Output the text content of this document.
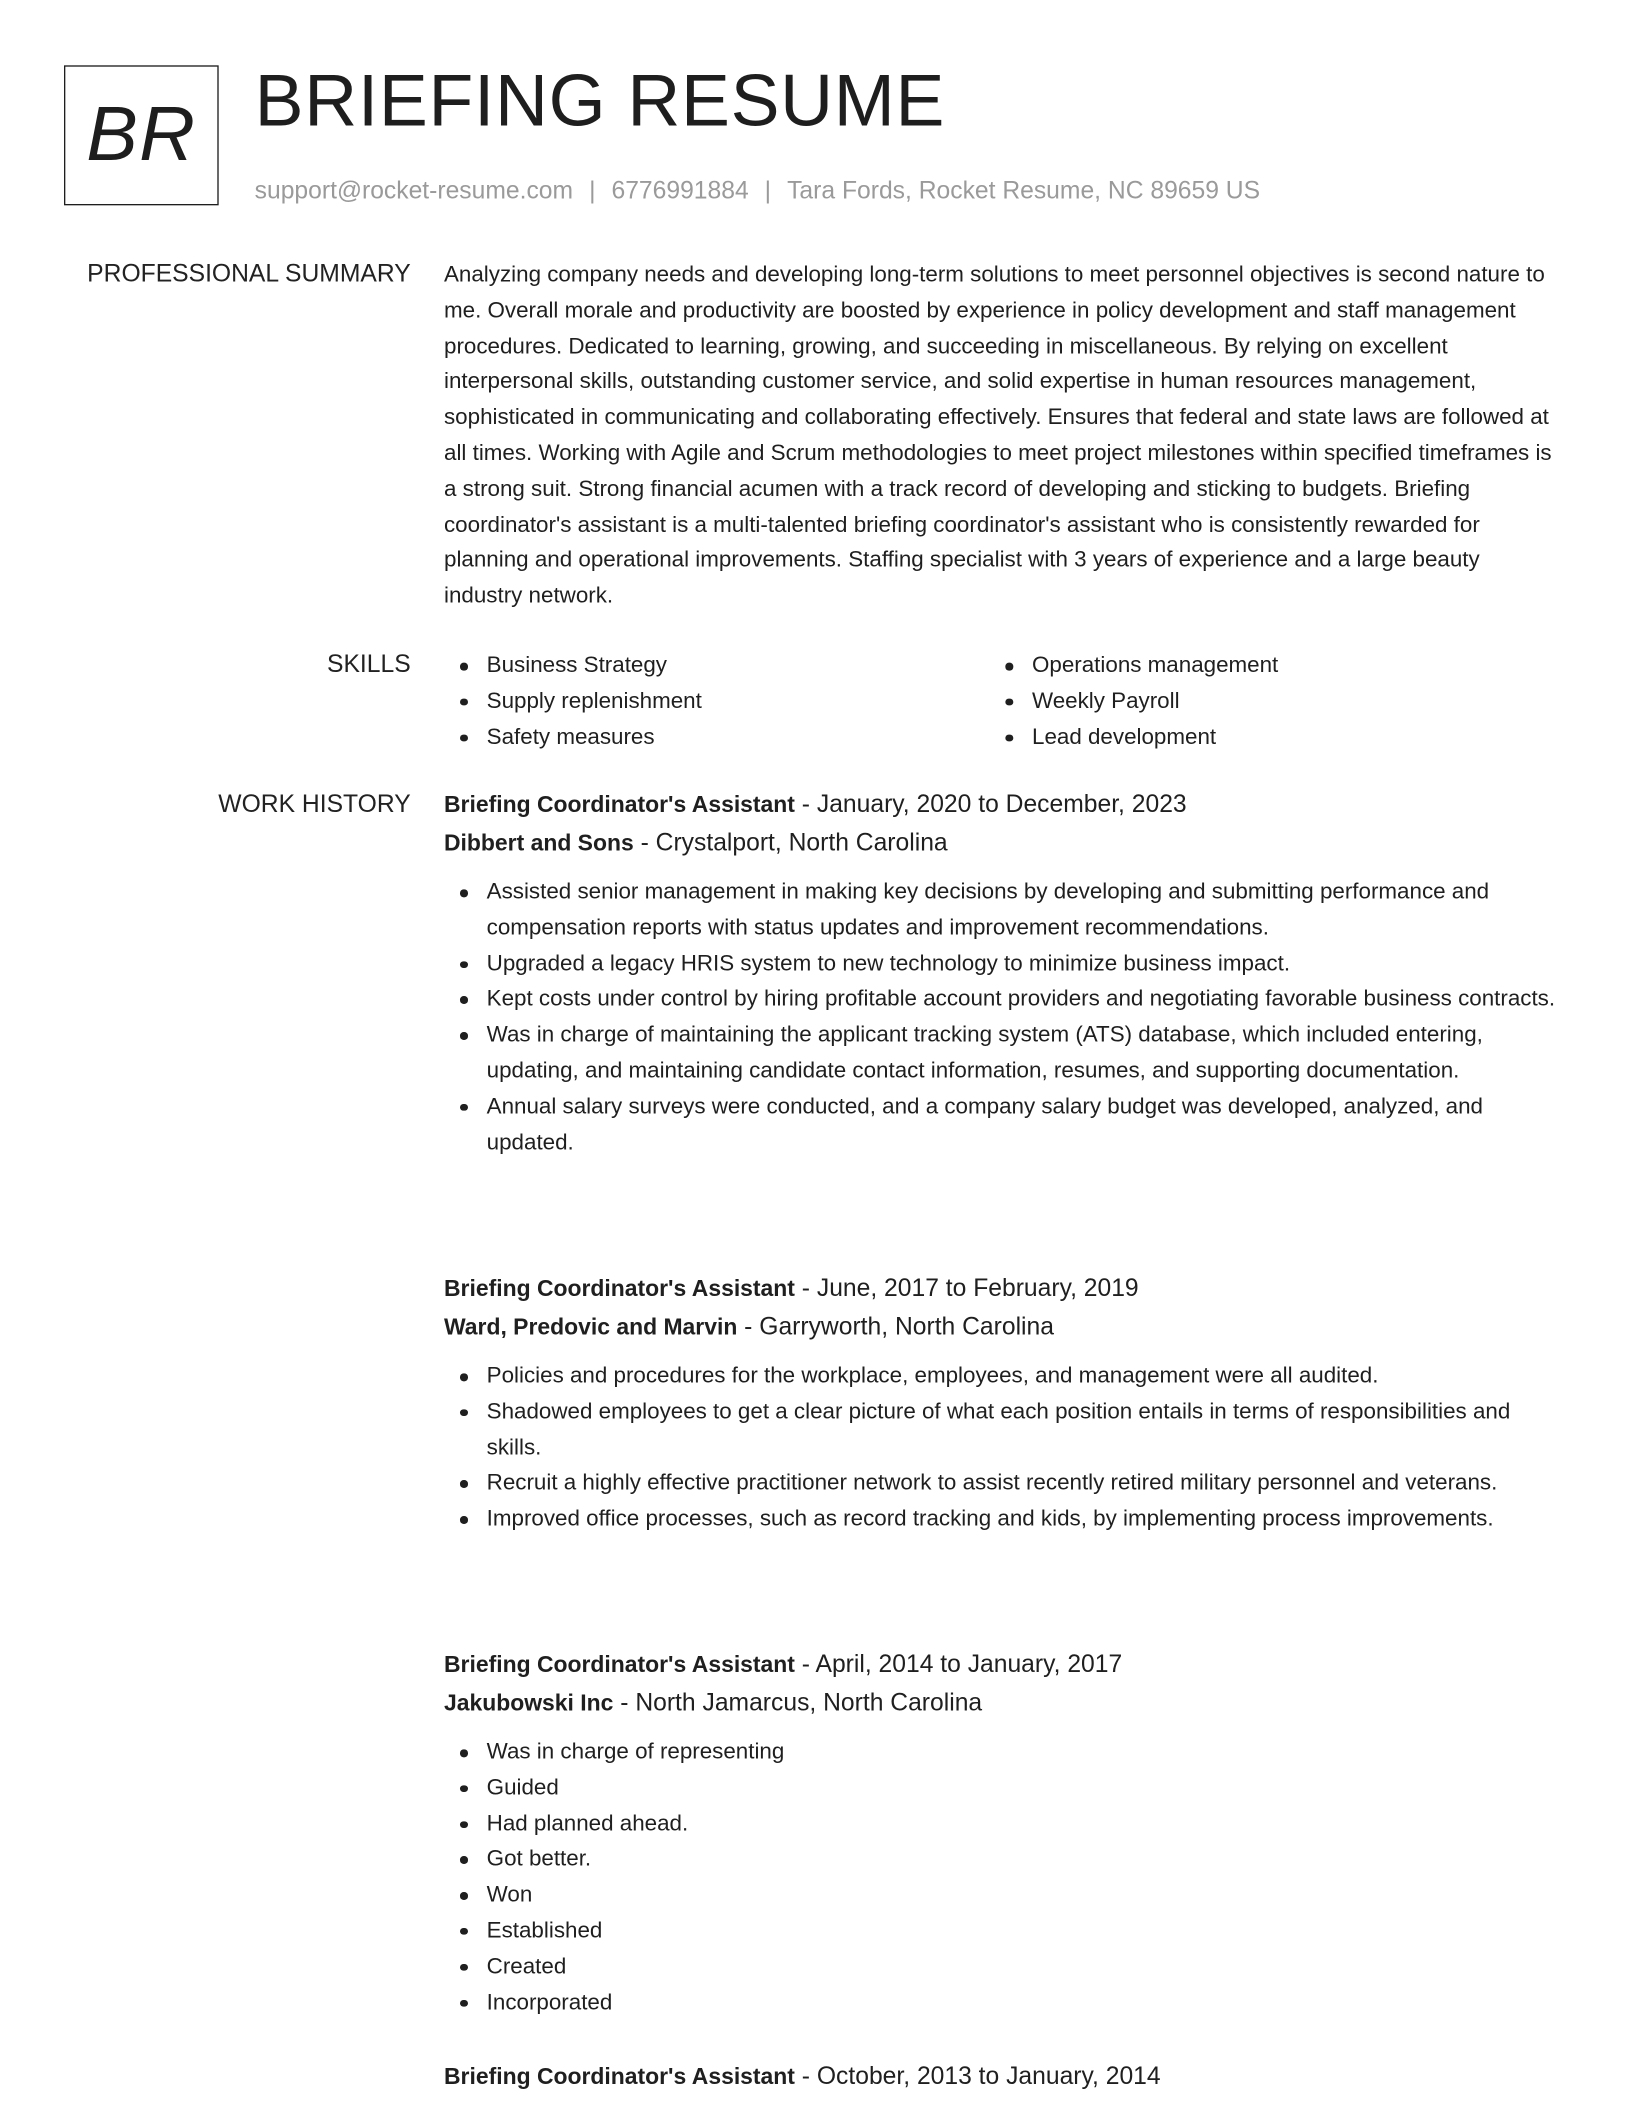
BR	BRIEFING RESUME
support@rocket-resume.com | 6776991884 | Tara Fords, Rocket Resume, NC 89659 US
PROFESSIONAL SUMMARY Analyzing company needs and developing long-term solutions to meet personnel objectives is second nature to me. Overall morale and productivity are boosted by experience in policy development and staff management procedures. Dedicated to learning, growing, and succeeding in miscellaneous. By relying on excellent interpersonal skills, outstanding customer service, and solid expertise in human resources management, sophisticated in communicating and collaborating effectively. Ensures that federal and state laws are followed at all times. Working with Agile and Scrum methodologies to meet project milestones within specified timeframes is a strong suit. Strong financial acumen with a track record of developing and sticking to budgets. Briefing coordinator's assistant is a multi-talented briefing coordinator's assistant who is consistently rewarded for planning and operational improvements. Staffing specialist with 3 years of experience and a large beauty industry network.

SKILLS	Business Strategy
Supply replenishment
Safety measures
Operations management
Weekly Payroll
Lead development
WORK HISTORY Briefing Coordinator's Assistant - January, 2020 to December, 2023
Dibbert and Sons - Crystalport, North Carolina
Assisted senior management in making key decisions by developing and submitting performance and compensation reports with status updates and improvement recommendations.
Upgraded a legacy HRIS system to new technology to minimize business impact.
Kept costs under control by hiring profitable account providers and negotiating favorable business contracts.
Was in charge of maintaining the applicant tracking system (ATS) database, which included entering, updating, and maintaining candidate contact information, resumes, and supporting documentation.
Annual salary surveys were conducted, and a company salary budget was developed, analyzed, and updated.
Briefing Coordinator's Assistant - June, 2017 to February, 2019
Ward, Predovic and Marvin - Garryworth, North Carolina
Policies and procedures for the workplace, employees, and management were all audited.
Shadowed employees to get a clear picture of what each position entails in terms of responsibilities and skills.
Recruit a highly effective practitioner network to assist recently retired military personnel and veterans.
Improved office processes, such as record tracking and kids, by implementing process improvements.
Briefing Coordinator's Assistant - April, 2014 to January, 2017
Jakubowski Inc - North Jamarcus, North Carolina
Was in charge of representing
Guided
Had planned ahead.
Got better.
Won
Established
Created
Incorporated
Briefing Coordinator's Assistant - October, 2013 to January, 2014
